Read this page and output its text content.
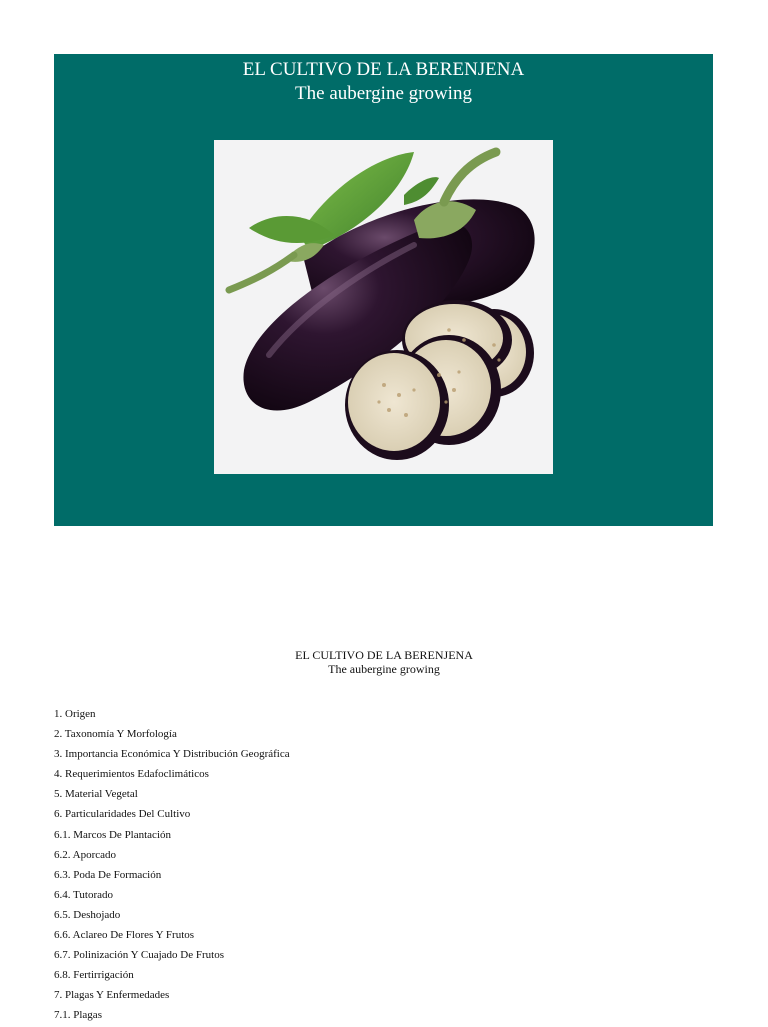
EL CULTIVO DE LA BERENJENA
The aubergine growing
EL CULTIVO DE LA BERENJENA
The aubergine growing
1. Origen
2. Taxonomía Y Morfología
3. Importancia Económica Y Distribución Geográfica
4. Requerimientos Edafoclimáticos
5. Material Vegetal
6. Particularidades Del Cultivo
6.1. Marcos De Plantación
6.2. Aporcado
6.3. Poda De Formación
6.4. Tutorado
6.5. Deshojado
6.6. Aclareo De Flores Y Frutos
6.7. Polinización Y Cuajado De Frutos
6.8. Fertirrigación
7. Plagas Y Enfermedades
7.1. Plagas
